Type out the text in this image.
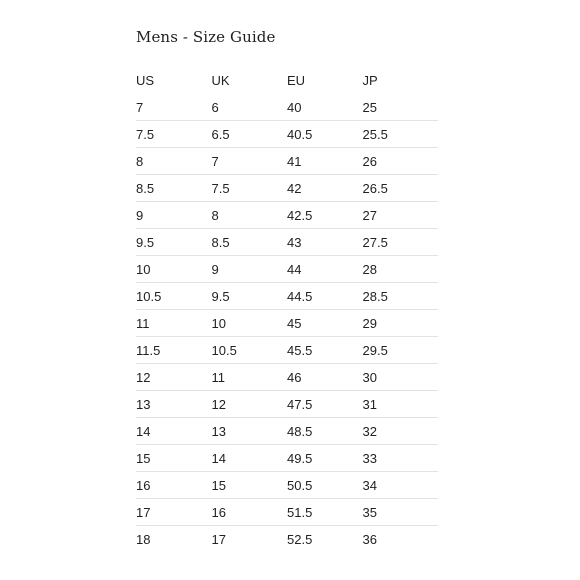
Mens - Size Guide
US	UK	EU	JP
7	6	40	25
7.5	6.5	40.5	25.5
8	7	41	26
8.5	7.5	42	26.5
9	8	42.5	27
9.5	8.5	43	27.5
10	9	44	28
10.5	9.5	44.5	28.5
11	10	45	29
11.5	10.5	45.5	29.5
12	11	46	30
13	12	47.5	31
14	13	48.5	32
15	14	49.5	33
16	15	50.5	34
17	16	51.5	35
18	17	52.5	36
